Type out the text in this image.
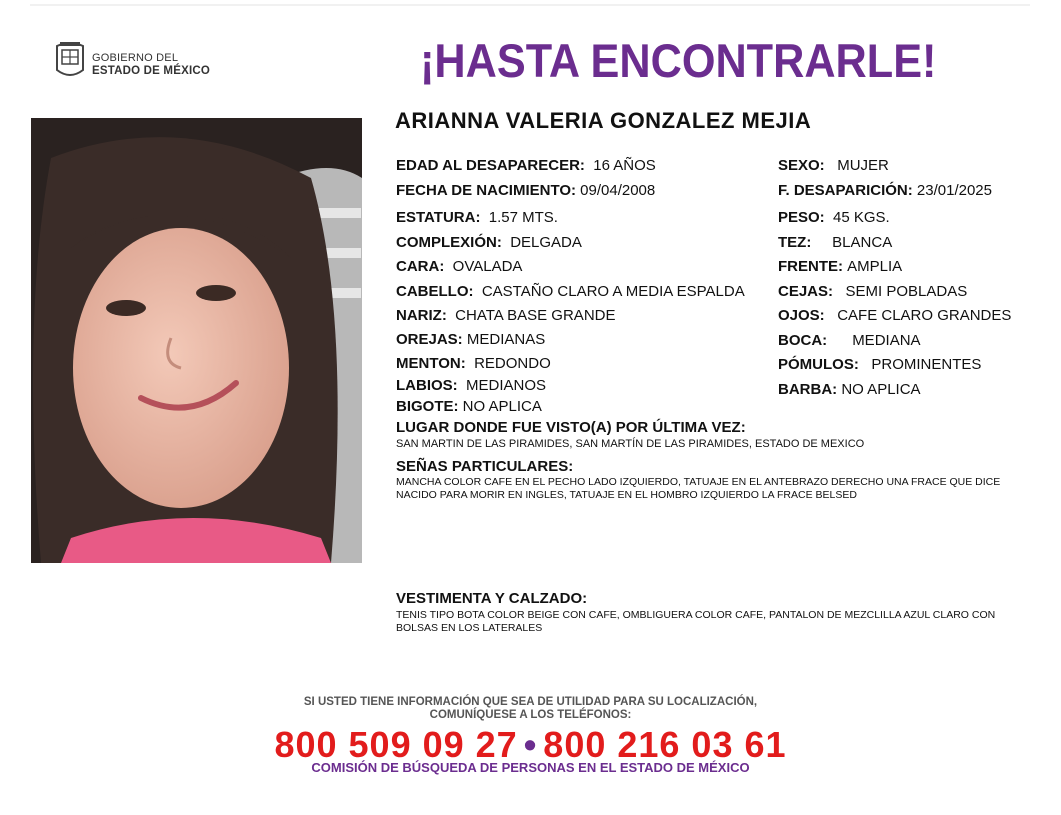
GOBIERNO DEL
ESTADO DE MÉXICO	¡HASTA ENCONTRARLE!
ARIANNA VALERIA GONZALEZ MEJIA
EDAD AL DESAPARECER: 16 AÑOS
FECHA DE NACIMIENTO: 09/04/2008
ESTATURA: 1.57 MTS.
COMPLEXIÓN: DELGADA
CARA: OVALADA
CABELLO: CASTAÑO CLARO A MEDIA ESPALDA
NARIZ: CHATA BASE GRANDE
OREJAS: MEDIANAS
MENTON: REDONDO
LABIOS: MEDIANOS
BIGOTE: NO APLICA
SEXO: MUJER
F. DESAPARICIÓN: 23/01/2025
PESO: 45 KGS.
TEZ: BLANCA
FRENTE: AMPLIA
CEJAS: SEMI POBLADAS
OJOS: CAFE CLARO GRANDES
BOCA: MEDIANA
PÓMULOS: PROMINENTES
BARBA: NO APLICA
LUGAR DONDE FUE VISTO(A) POR ÚLTIMA VEZ:
SAN MARTIN DE LAS PIRAMIDES, SAN MARTÍN DE LAS PIRAMIDES, ESTADO DE MEXICO
SEÑAS PARTICULARES:
MANCHA COLOR CAFE EN EL PECHO LADO IZQUIERDO, TATUAJE EN EL ANTEBRAZO DERECHO UNA FRACE QUE DICE
NACIDO PARA MORIR EN INGLES, TATUAJE EN EL HOMBRO IZQUIERDO LA FRACE BELSED
VESTIMENTA Y CALZADO:
TENIS TIPO BOTA COLOR BEIGE CON CAFE, OMBLIGUERA COLOR CAFE, PANTALON DE MEZCLILLA AZUL CLARO CON
BOLSAS EN LOS LATERALES
SI USTED TIENE INFORMACIÓN QUE SEA DE UTILIDAD PARA SU LOCALIZACIÓN,
COMUNÍQUESE A LOS TELÉFONOS:
800 509 09 27 • 800 216 03 61
COMISIÓN DE BÚSQUEDA DE PERSONAS EN EL ESTADO DE MÉXICO
